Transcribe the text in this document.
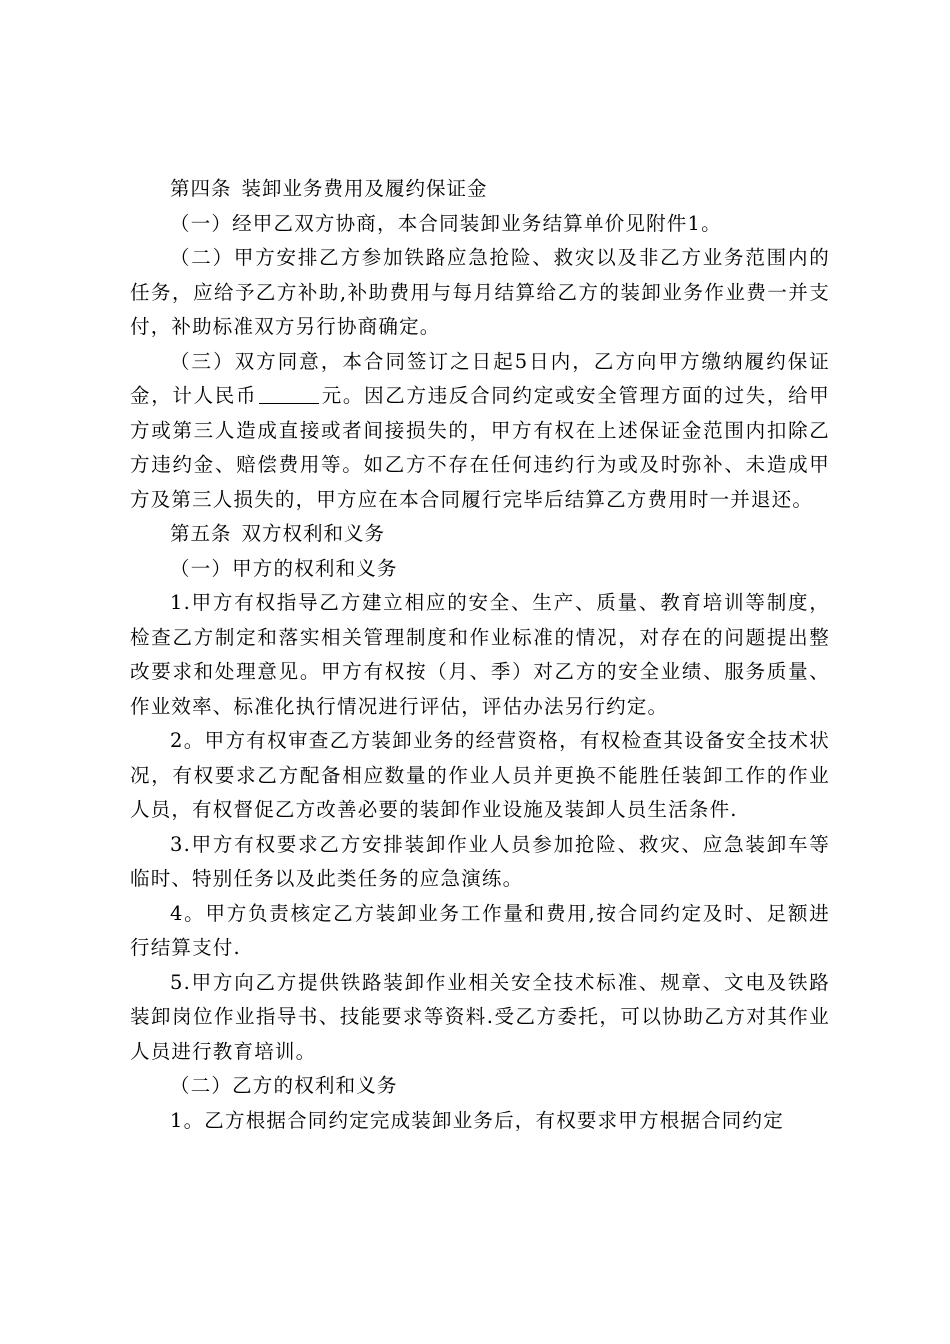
第四条 装卸业务费用及履约保证金

（一）经甲乙双方协商，本合同装卸业务结算单价见附件1。

（二）甲方安排乙方参加铁路应急抢险、救灾以及非乙方业务范围内的任务，应给予乙方补助,补助费用与每月结算给乙方的装卸业务作业费一并支付，补助标准双方另行协商确定。

（三）双方同意，本合同签订之日起5日内，乙方向甲方缴纳履约保证金，计人民币	元。因乙方违反合同约定或安全管理方面的过失，给甲方或第三人造成直接或者间接损失的，甲方有权在上述保证金范围内扣除乙方违约金、赔偿费用等。如乙方不存在任何违约行为或及时弥补、未造成甲方及第三人损失的，甲方应在本合同履行完毕后结算乙方费用时一并退还。

第五条 双方权利和义务

（一）甲方的权利和义务

1.甲方有权指导乙方建立相应的安全、生产、质量、教育培训等制度，检查乙方制定和落实相关管理制度和作业标准的情况，对存在的问题提出整改要求和处理意见。甲方有权按（月、季）对乙方的安全业绩、服务质量、作业效率、标准化执行情况进行评估，评估办法另行约定。

2。甲方有权审查乙方装卸业务的经营资格，有权检查其设备安全技术状况，有权要求乙方配备相应数量的作业人员并更换不能胜任装卸工作的作业人员，有权督促乙方改善必要的装卸作业设施及装卸人员生活条件.

3.甲方有权要求乙方安排装卸作业人员参加抢险、救灾、应急装卸车等临时、特别任务以及此类任务的应急演练。

4。甲方负责核定乙方装卸业务工作量和费用,按合同约定及时、足额进行结算支付.

5.甲方向乙方提供铁路装卸作业相关安全技术标准、规章、文电及铁路装卸岗位作业指导书、技能要求等资料.受乙方委托，可以协助乙方对其作业人员进行教育培训。

（二）乙方的权利和义务

1。乙方根据合同约定完成装卸业务后，有权要求甲方根据合同约定
